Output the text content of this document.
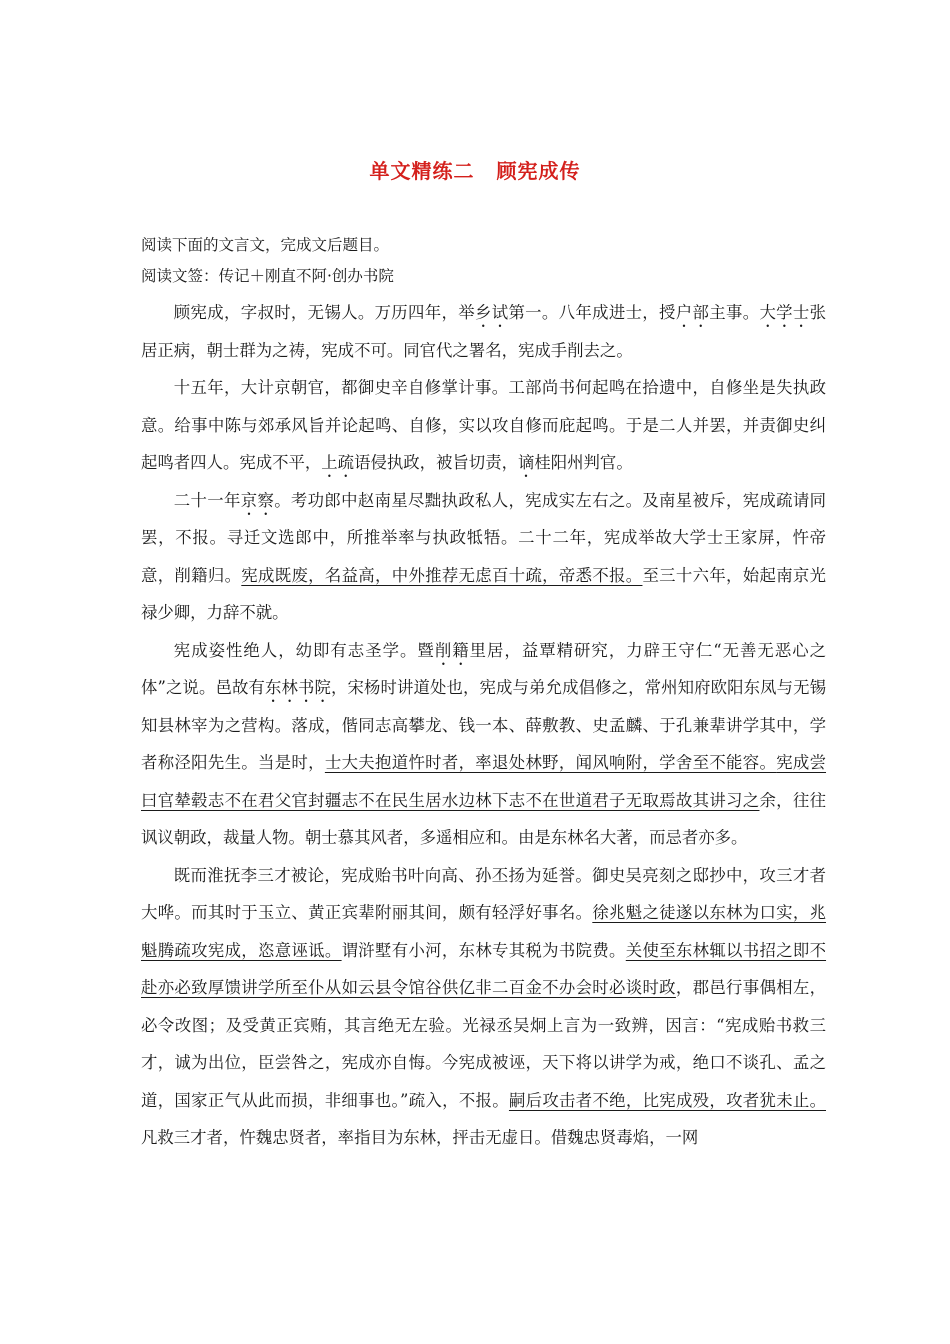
单文精练二 顾宪成传
阅读下面的文言文，完成文后题目。
阅读文签：传记＋刚直不阿·创办书院

顾宪成，字叔时，无锡人。万历四年，举乡试第一。八年成进士，授户部主事。大学士张居正病，朝士群为之祷，宪成不可。同官代之署名，宪成手削去之。

十五年，大计京朝官，都御史辛自修掌计事。工部尚书何起鸣在拾遗中，自修坐是失执政意。给事中陈与郊承风旨并论起鸣、自修，实以攻自修而庇起鸣。于是二人并罢，并责御史纠起鸣者四人。宪成不平，上疏语侵执政，被旨切责，谪桂阳州判官。

二十一年京察。考功郎中赵南星尽黜执政私人，宪成实左右之。及南星被斥，宪成疏请同罢，不报。寻迁文选郎中，所推举率与执政牴牾。二十二年，宪成举故大学士王家屏，忤帝意，削籍归。宪成既废，名益高，中外推荐无虑百十疏，帝悉不报。至三十六年，始起南京光禄少卿，力辞不就。

宪成姿性绝人，幼即有志圣学。暨削籍里居，益覃精研究，力辟王守仁“无善无恶心之体”之说。邑故有东林书院，宋杨时讲道处也，宪成与弟允成倡修之，常州知府欧阳东凤与无锡知县林宰为之营构。落成，偕同志高攀龙、钱一本、薛敷教、史孟麟、于孔兼辈讲学其中，学者称泾阳先生。当是时，士大夫抱道忤时者，率退处林野，闻风响附，学舍至不能容。宪成尝曰官辇毂志不在君父官封疆志不在民生居水边林下志不在世道君子无取焉故其讲习之余，往往讽议朝政，裁量人物。朝士慕其风者，多遥相应和。由是东林名大著，而忌者亦多。

既而淮抚李三才被论，宪成贻书叶向高、孙丕扬为延誉。御史吴亮刻之邸抄中，攻三才者大哗。而其时于玉立、黄正宾辈附丽其间，颇有轻浮好事名。徐兆魁之徒遂以东林为口实，兆魁腾疏攻宪成，恣意诬诋。谓浒墅有小河，东林专其税为书院费。关使至东林辄以书招之即不赴亦必致厚馈讲学所至仆从如云县令馆谷供亿非二百金不办会时必谈时政，郡邑行事偶相左，必令改图；及受黄正宾贿，其言绝无左验。光禄丞吴炯上言为一致辨，因言：“宪成贻书救三才，诚为出位，臣尝咎之，宪成亦自悔。今宪成被诬，天下将以讲学为戒，绝口不谈孔、孟之道，国家正气从此而损，非细事也。”疏入，不报。嗣后攻击者不绝，比宪成殁，攻者犹未止。凡救三才者，忤魏忠贤者，率指目为东林，抨击无虚日。借魏忠贤毒焰，一网
